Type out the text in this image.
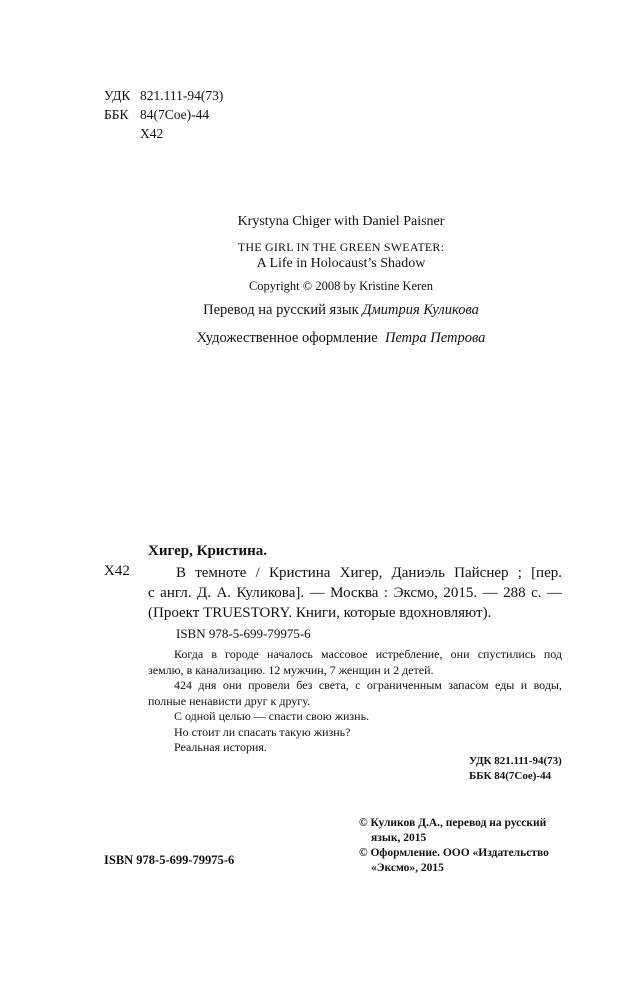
УДК 821.111-94(73)
ББК 84(7Сое)-44
Х42
Krystyna Chiger with Daniel Paisner
THE GIRL IN THE GREEN SWEATER:
A Life in Holocaust’s Shadow
Copyright © 2008 by Kristine Keren
Перевод на русский язык Дмитрия Куликова
Художественное оформление Петра Петрова
Хигер, Кристина.
Х42	В темноте / Кристина Хигер, Даниэль Пайснер ; [пер.
с англ. Д. А. Куликова]. — Москва : Эксмо, 2015. — 288 с. —
(Проект TRUESTORY. Книги, которые вдохновляют).
ISBN 978-5-699-79975-6
Когда в городе началось массовое истребление, они спустились под
землю, в канализацию. 12 мужчин, 7 женщин и 2 детей.
424 дня они провели без света, с ограниченным запасом еды и воды,
полные ненависти друг к другу.
С одной целью — спасти свою жизнь.
Но стоит ли спасать такую жизнь?
Реальная история.
УДК 821.111-94(73)
ББК 84(7Сое)-44
ISBN 978-5-699-79975-6
© Куликов Д.А., перевод на русский
язык, 2015
© Оформление. ООО «Издательство
«Эксмо», 2015
